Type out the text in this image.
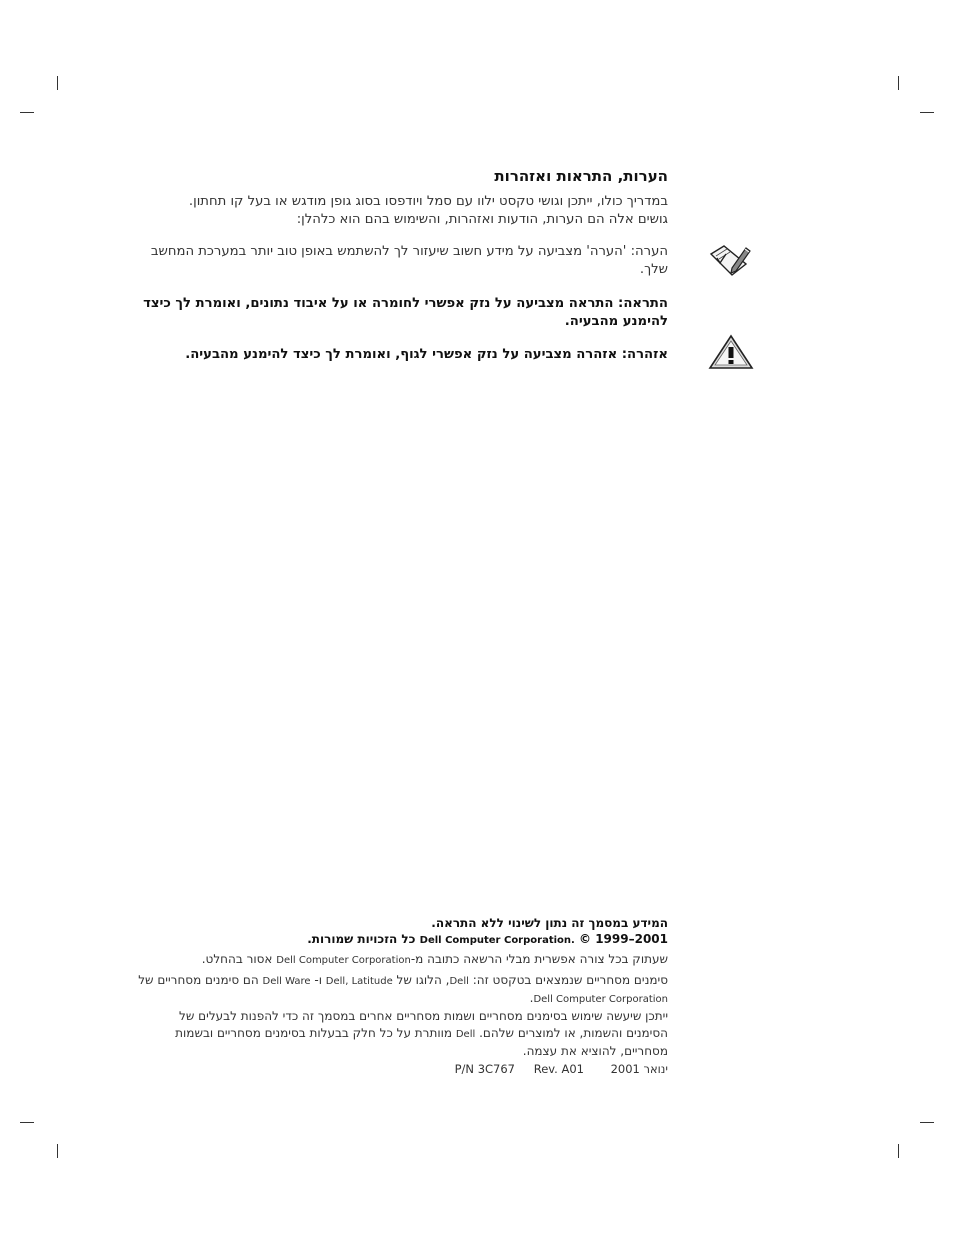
הערות, התראות ואזהרות

במדריך כולו, ייתכן וגושי טקסט ילוו עם סמל ויודפסו בסוג גופן מודגש או בעל קו תחתון.
גושים אלה הם הערות, הודעות ואזהרות, והשימוש בהם הוא כלהלן:

הערה: 'הערה' מצביעה על מידע חשוב שיעזור לך להשתמש באופן טוב יותר במערכת המחשב שלך.

התראה: התראה מצביעה על נזק אפשרי לחומרה או על איבוד נתונים, ואומרת לך כיצד להימנע מהבעיה.

אזהרה: אזהרה מצביעה על נזק אפשרי לגוף, ואומרת לך כיצד להימנע מהבעיה.

המידע במסמך זה נתון לשינוי ללא התראה.

© 1999–2001 Dell Computer Corporation. כל הזכויות שמורות.

שעתוק בכל צורה אפשרית מבלי הרשאה כתובה מ-Dell Computer Corporation אסור בהחלט.

סימנים מסחריים שנמצאים בטקסט זה: Dell, הלוגו של Dell, Latitude ו- Dell Ware הם סימנים מסחריים של Dell Computer Corporation.

ייתכן שיעשה שימוש בסימנים מסחריים ושמות מסחריים אחרים במסמך זה כדי להפנות לבעלים של הסימנים והשמות, או למוצרים שלהם. Dell מוותרת על כל חלק בבעלות בסימנים מסחריים ובשמות מסחריים, להוציא את עצמה.

ינואר 2001
Rev. A01
P/N 3C767
